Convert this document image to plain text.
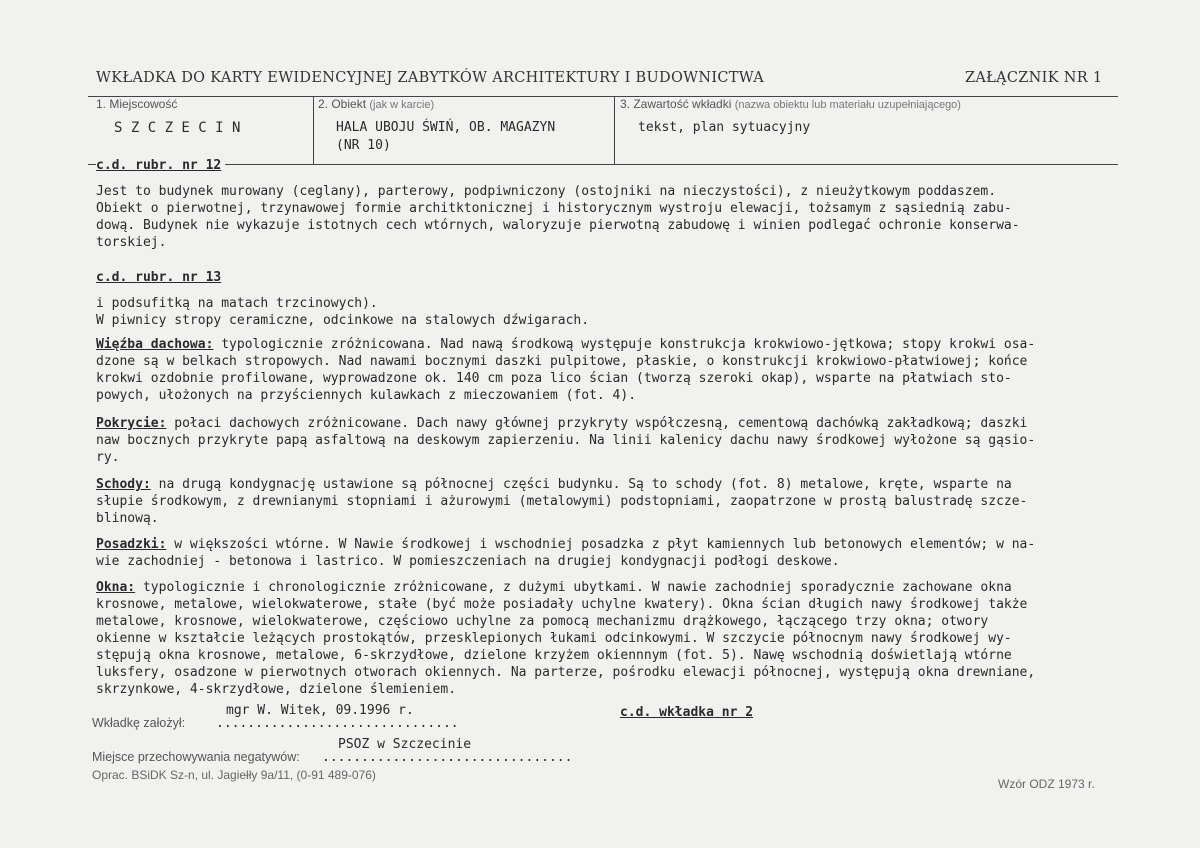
WKŁADKA DO KARTY EWIDENCYJNEJ ZABYTKÓW ARCHITEKTURY I BUDOWNICTWA	ZAŁĄCZNIK NR 1
1. Miejscowość
S Z C Z E C I N
2. Obiekt (jak w karcie)
HALA UBOJU ŚWIŃ, OB. MAGAZYN
(NR 10)
3. Zawartość wkładki (nazwa obiektu lub materiału uzupełniającego)
tekst, plan sytuacyjny
c.d. rubr. nr 12
Jest to budynek murowany (ceglany), parterowy, podpiwniczony (ostojniki na nieczystości), z nieużytkowym poddaszem.
Obiekt o pierwotnej, trzynawowej formie architktonicznej i historycznym wystroju elewacji, tożsamym z sąsiednią zabu-
dową. Budynek nie wykazuje istotnych cech wtórnych, waloryzuje pierwotną zabudowę i winien podlegać ochronie konserwa-
torskiej.
c.d. rubr. nr 13
i podsufitką na matach trzcinowych).
W piwnicy stropy ceramiczne, odcinkowe na stalowych dźwigarach.
Więźba dachowa: typologicznie zróżnicowana. Nad nawą środkową występuje konstrukcja krokwiowo-jętkowa; stopy krokwi osa-
dzone są w belkach stropowych. Nad nawami bocznymi daszki pulpitowe, płaskie, o konstrukcji krokwiowo-płatwiowej; końce
krokwi ozdobnie profilowane, wyprowadzone ok. 140 cm poza lico ścian (tworzą szeroki okap), wsparte na płatwiach sto-
powych, ułożonych na przyściennych kulawkach z mieczowaniem (fot. 4).
Pokrycie: połaci dachowych zróżnicowane. Dach nawy głównej przykryty współczesną, cementową dachówką zakładkową; daszki
naw bocznych przykryte papą asfaltową na deskowym zapierzeniu. Na linii kalenicy dachu nawy środkowej wyłożone są gąsio-
ry.
Schody: na drugą kondygnację ustawione są północnej części budynku. Są to schody (fot. 8) metalowe, kręte, wsparte na
słupie środkowym, z drewnianymi stopniami i ażurowymi (metalowymi) podstopniami, zaopatrzone w prostą balustradę szcze-
blinową.
Posadzki: w większości wtórne. W Nawie środkowej i wschodniej posadzka z płyt kamiennych lub betonowych elementów; w na-
wie zachodniej - betonowa i lastrico. W pomieszczeniach na drugiej kondygnacji podłogi deskowe.
Okna: typologicznie i chronologicznie zróżnicowane, z dużymi ubytkami. W nawie zachodniej sporadycznie zachowane okna
krosnowe, metalowe, wielokwaterowe, stałe (być może posiadały uchylne kwatery). Okna ścian długich nawy środkowej także
metalowe, krosnowe, wielokwaterowe, częściowo uchylne za pomocą mechanizmu drążkowego, łączącego trzy okna; otwory
okienne w kształcie leżących prostokątów, przesklepionych łukami odcinkowymi. W szczycie północnym nawy środkowej wy-
stępują okna krosnowe, metalowe, 6-skrzydłowe, dzielone krzyżem okiennnym (fot. 5). Nawę wschodnią doświetlają wtórne
luksfery, osadzone w pierwotnych otworach okiennych. Na parterze, pośrodku elewacji północnej, występują okna drewniane,
skrzynkowe, 4-skrzydłowe, dzielone ślemieniem.
mgr W. Witek, 09.1996 r.
Wkładkę założył: ...............................
c.d. wkładka nr 2
PSOZ w Szczecinie
Miejsce przechowywania negatywów: ................................
Oprac. BSiDK Sz-n, ul. Jagiełły 9a/11, (0-91 489-076)
Wzór ODZ 1973 r.
